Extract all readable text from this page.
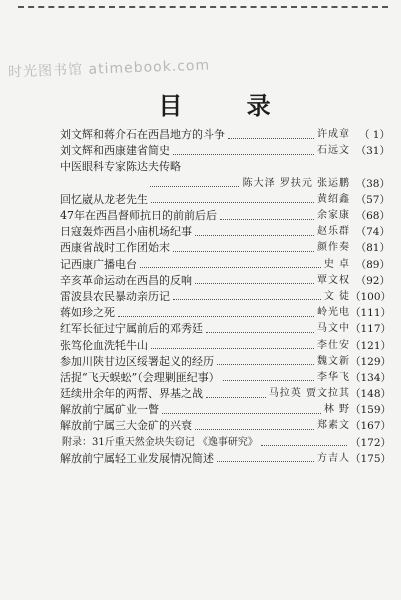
时光图书馆 atimebook.com
目 录
刘文辉和蒋介石在西昌地方的斗争	许成章 （ 1）
刘文辉和西康建省简史	石远文 （31）
中医眼科专家陈达夫传略
陈大泽 罗扶元 张运鹏 （38）
回忆崴从龙老先生	黄绍鑫 （57）
47年在西昌督师抗日的前前后后	余家康 （68）
日寇轰炸西昌小庙机场纪事	赵乐群 （74）
西康省战时工作团始末	颜作奏 （81）
记西康广播电台	史 卓 （89）
辛亥革命运动在西昌的反响	覃文权 （92）
雷波县农民暴动亲历记	文 徒 （100）
蒋如珍之死	岭光电 （111）
红军长征过宁属前后的邓秀廷	马文中 （117）
张笃伦血洗牦牛山	李仕安 （121）
参加川陕甘边区绥署起义的经历	魏文新 （129）
活捉“飞天蜈蚣”（会理剿匪纪事）	李华飞 （134）
廷续卅余年的两帮、界基之战	马拉英 贾文拉其 （148）
解放前宁属矿业一瞥	林 野 （159）
解放前宁属三大金矿的兴衰	郑素文 （167）
附录：31斤重天然金块失窃记 《逸事研究》	（172）
解放前宁属轻工业发展情况简述	方吉人 （175）
